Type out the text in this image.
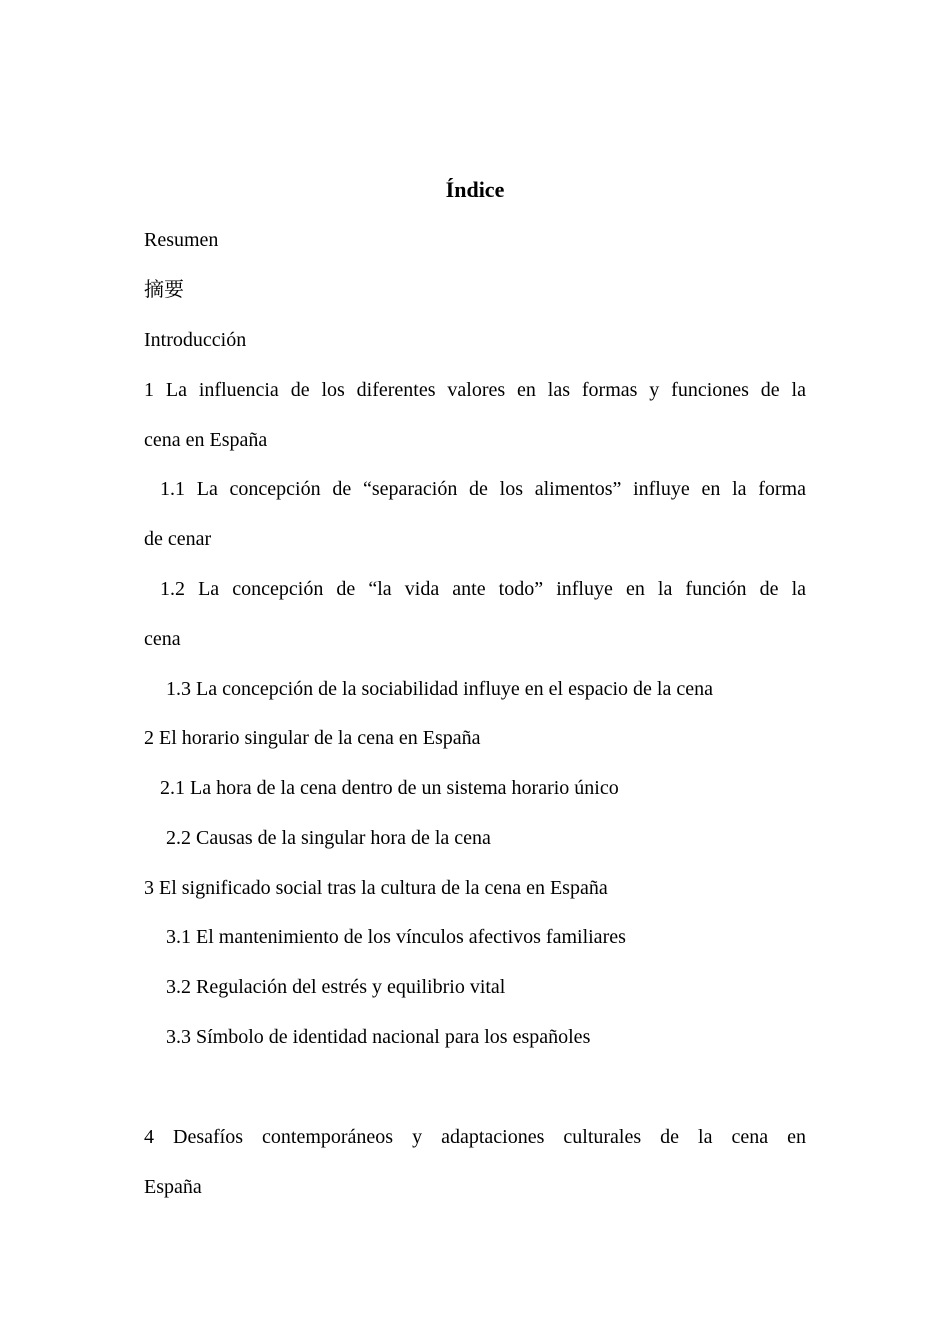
Índice
Resumen
摘要
Introducción
1 La influencia de los diferentes valores en las formas y funciones de la
cena en España
1.1 La concepción de “separación de los alimentos” influye en la forma
de cenar
1.2 La concepción de “la vida ante todo” influye en la función de la
cena
1.3 La concepción de la sociabilidad influye en el espacio de la cena
2 El horario singular de la cena en España
2.1 La hora de la cena dentro de un sistema horario único
2.2 Causas de la singular hora de la cena
3 El significado social tras la cultura de la cena en España
3.1 El mantenimiento de los vínculos afectivos familiares
3.2 Regulación del estrés y equilibrio vital
3.3 Símbolo de identidad nacional para los españoles
4 Desafíos contemporáneos y adaptaciones culturales de la cena en
España
